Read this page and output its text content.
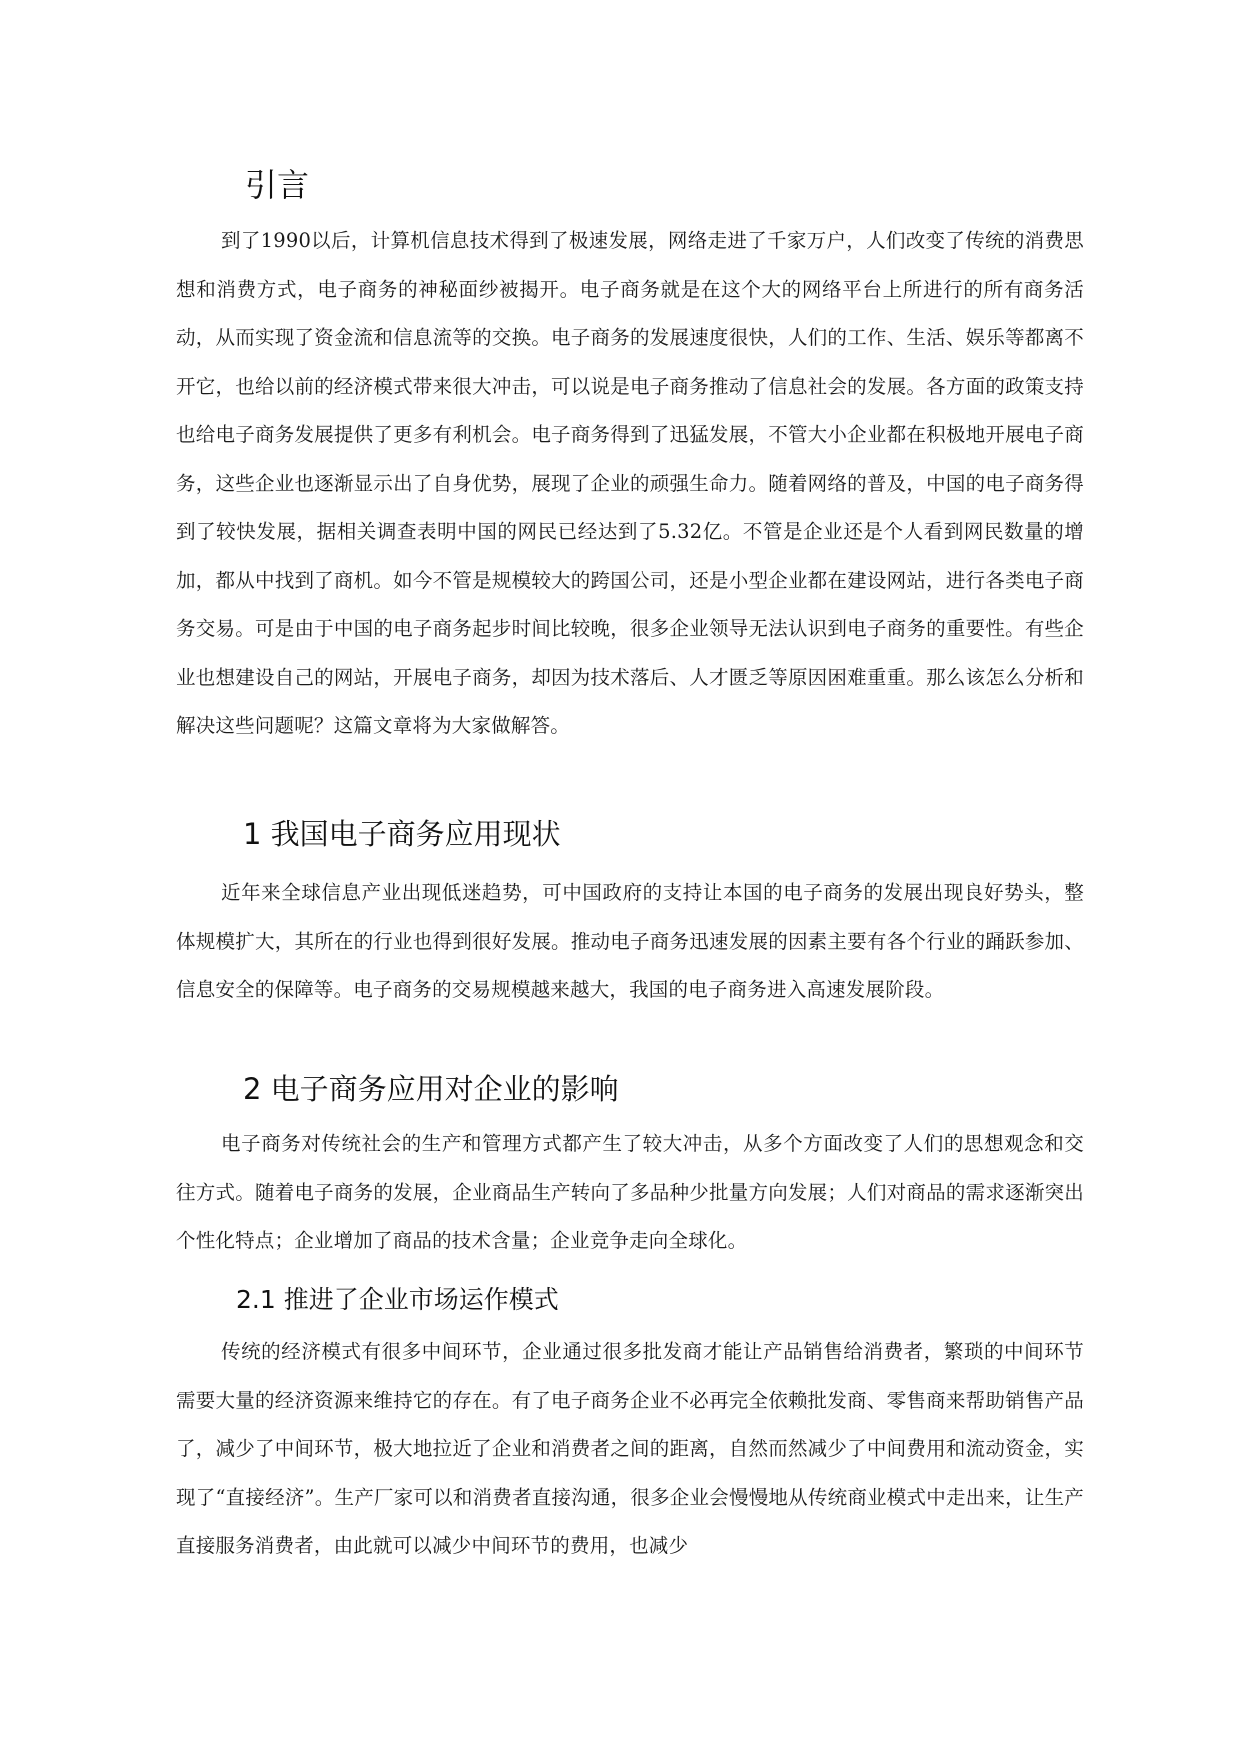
引言

到了1990以后，计算机信息技术得到了极速发展，网络走进了千家万户，人们改变了传统的消费思想和消费方式，电子商务的神秘面纱被揭开。电子商务就是在这个大的网络平台上所进行的所有商务活动，从而实现了资金流和信息流等的交换。电子商务的发展速度很快，人们的工作、生活、娱乐等都离不开它，也给以前的经济模式带来很大冲击，可以说是电子商务推动了信息社会的发展。各方面的政策支持也给电子商务发展提供了更多有利机会。电子商务得到了迅猛发展，不管大小企业都在积极地开展电子商务，这些企业也逐渐显示出了自身优势，展现了企业的顽强生命力。随着网络的普及，中国的电子商务得到了较快发展，据相关调查表明中国的网民已经达到了5.32亿。不管是企业还是个人看到网民数量的增加，都从中找到了商机。如今不管是规模较大的跨国公司，还是小型企业都在建设网站，进行各类电子商务交易。可是由于中国的电子商务起步时间比较晚，很多企业领导无法认识到电子商务的重要性。有些企业也想建设自己的网站，开展电子商务，却因为技术落后、人才匮乏等原因困难重重。那么该怎么分析和解决这些问题呢？这篇文章将为大家做解答。

1 我国电子商务应用现状

近年来全球信息产业出现低迷趋势，可中国政府的支持让本国的电子商务的发展出现良好势头，整体规模扩大，其所在的行业也得到很好发展。推动电子商务迅速发展的因素主要有各个行业的踊跃参加、信息安全的保障等。电子商务的交易规模越来越大，我国的电子商务进入高速发展阶段。

2 电子商务应用对企业的影响

电子商务对传统社会的生产和管理方式都产生了较大冲击，从多个方面改变了人们的思想观念和交往方式。随着电子商务的发展，企业商品生产转向了多品种少批量方向发展；人们对商品的需求逐渐突出个性化特点；企业增加了商品的技术含量；企业竞争走向全球化。

2.1 推进了企业市场运作模式

传统的经济模式有很多中间环节，企业通过很多批发商才能让产品销售给消费者，繁琐的中间环节需要大量的经济资源来维持它的存在。有了电子商务企业不必再完全依赖批发商、零售商来帮助销售产品了，减少了中间环节，极大地拉近了企业和消费者之间的距离，自然而然减少了中间费用和流动资金，实现了“直接经济”。生产厂家可以和消费者直接沟通，很多企业会慢慢地从传统商业模式中走出来，让生产直接服务消费者，由此就可以减少中间环节的费用，也减少
